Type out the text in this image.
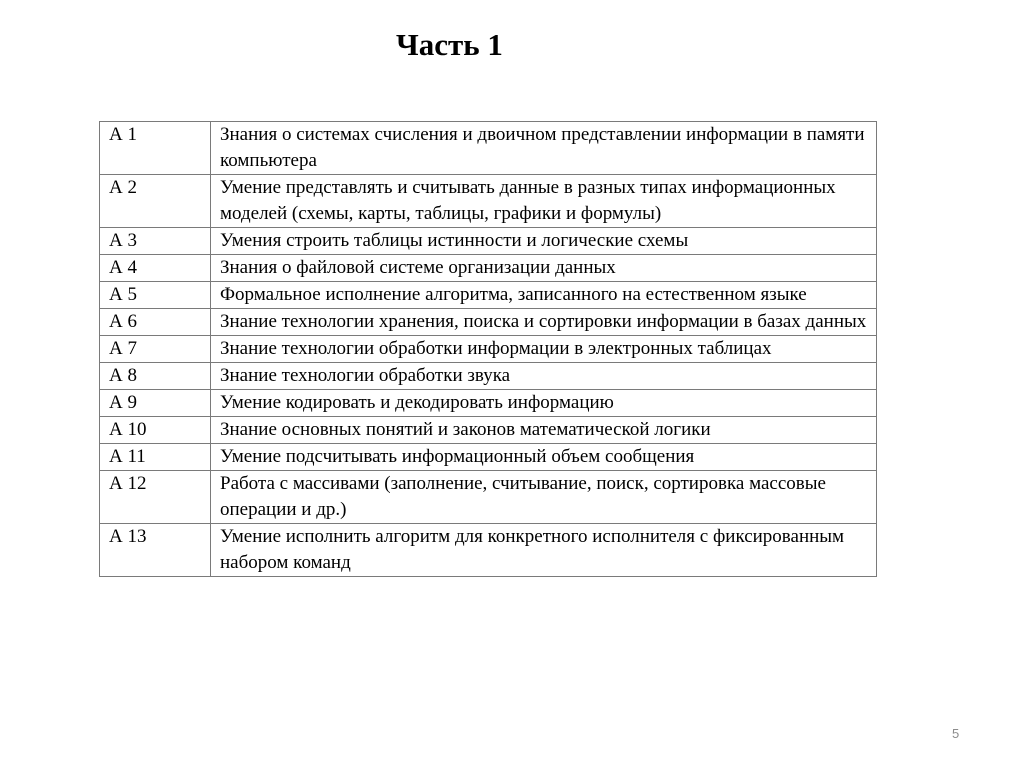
Часть 1
А 1	Знания о системах счисления и двоичном представлении информации в памяти компьютера
А 2	Умение представлять и считывать данные в разных типах информационных моделей (схемы, карты, таблицы, графики и формулы)
А 3	Умения строить таблицы истинности и логические схемы
А 4	Знания о файловой системе организации данных
А 5	Формальное исполнение алгоритма, записанного на естественном языке
А 6	Знание технологии хранения, поиска и сортировки информации в базах данных
А 7	Знание технологии обработки информации в электронных таблицах
А 8	Знание технологии обработки звука
А 9	Умение кодировать и декодировать информацию
А 10	Знание основных понятий и законов математической логики
А 11	Умение подсчитывать информационный объем сообщения
А 12	Работа с массивами (заполнение, считывание, поиск, сортировка массовые операции и др.)
А 13	Умение исполнить алгоритм для конкретного исполнителя с фиксированным набором команд
5
